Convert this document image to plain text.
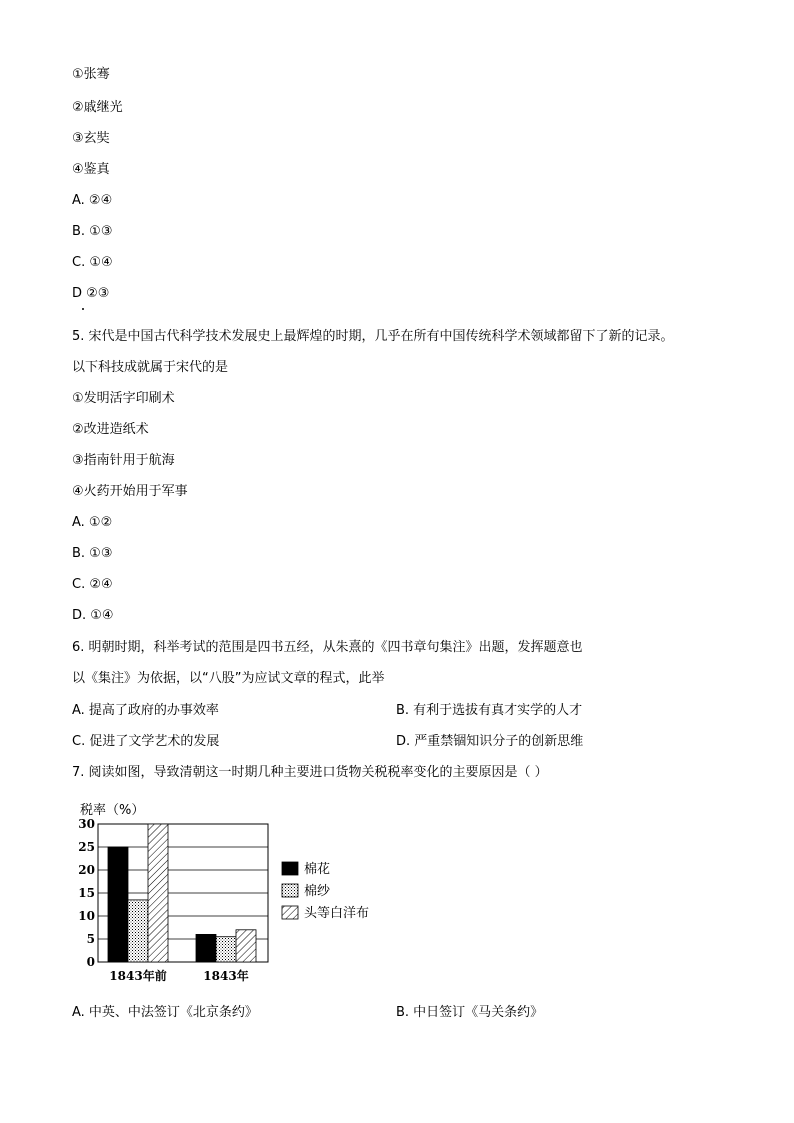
①张骞
②戚继光
③玄奘
④鉴真
A. ②④
B. ①③
C. ①④
D ②③
5. 宋代是中国古代科学技术发展史上最辉煌的时期，几乎在所有中国传统科学术领域都留下了新的记录。
以下科技成就属于宋代的是
①发明活字印刷术
②改进造纸术
③指南针用于航海
④火药开始用于军事
A. ①②
B. ①③
C. ②④
D. ①④
6. 明朝时期，科举考试的范围是四书五经，从朱熹的《四书章句集注》出题，发挥题意也
以《集注》为依据，以“八股”为应试文章的程式，此举
A. 提高了政府的办事效率	B. 有利于选拔有真才实学的人才
C. 促进了文学艺术的发展	D. 严重禁锢知识分子的创新思维
7. 阅读如图，导致清朝这一时期几种主要进口货物关税税率变化的主要原因是（ ）
税率（%）
0
5
10
15
20
25
30
1843年前	1843年
棉花
棉纱
头等白洋布
A. 中英、中法签订《北京条约》	B. 中日签订《马关条约》
